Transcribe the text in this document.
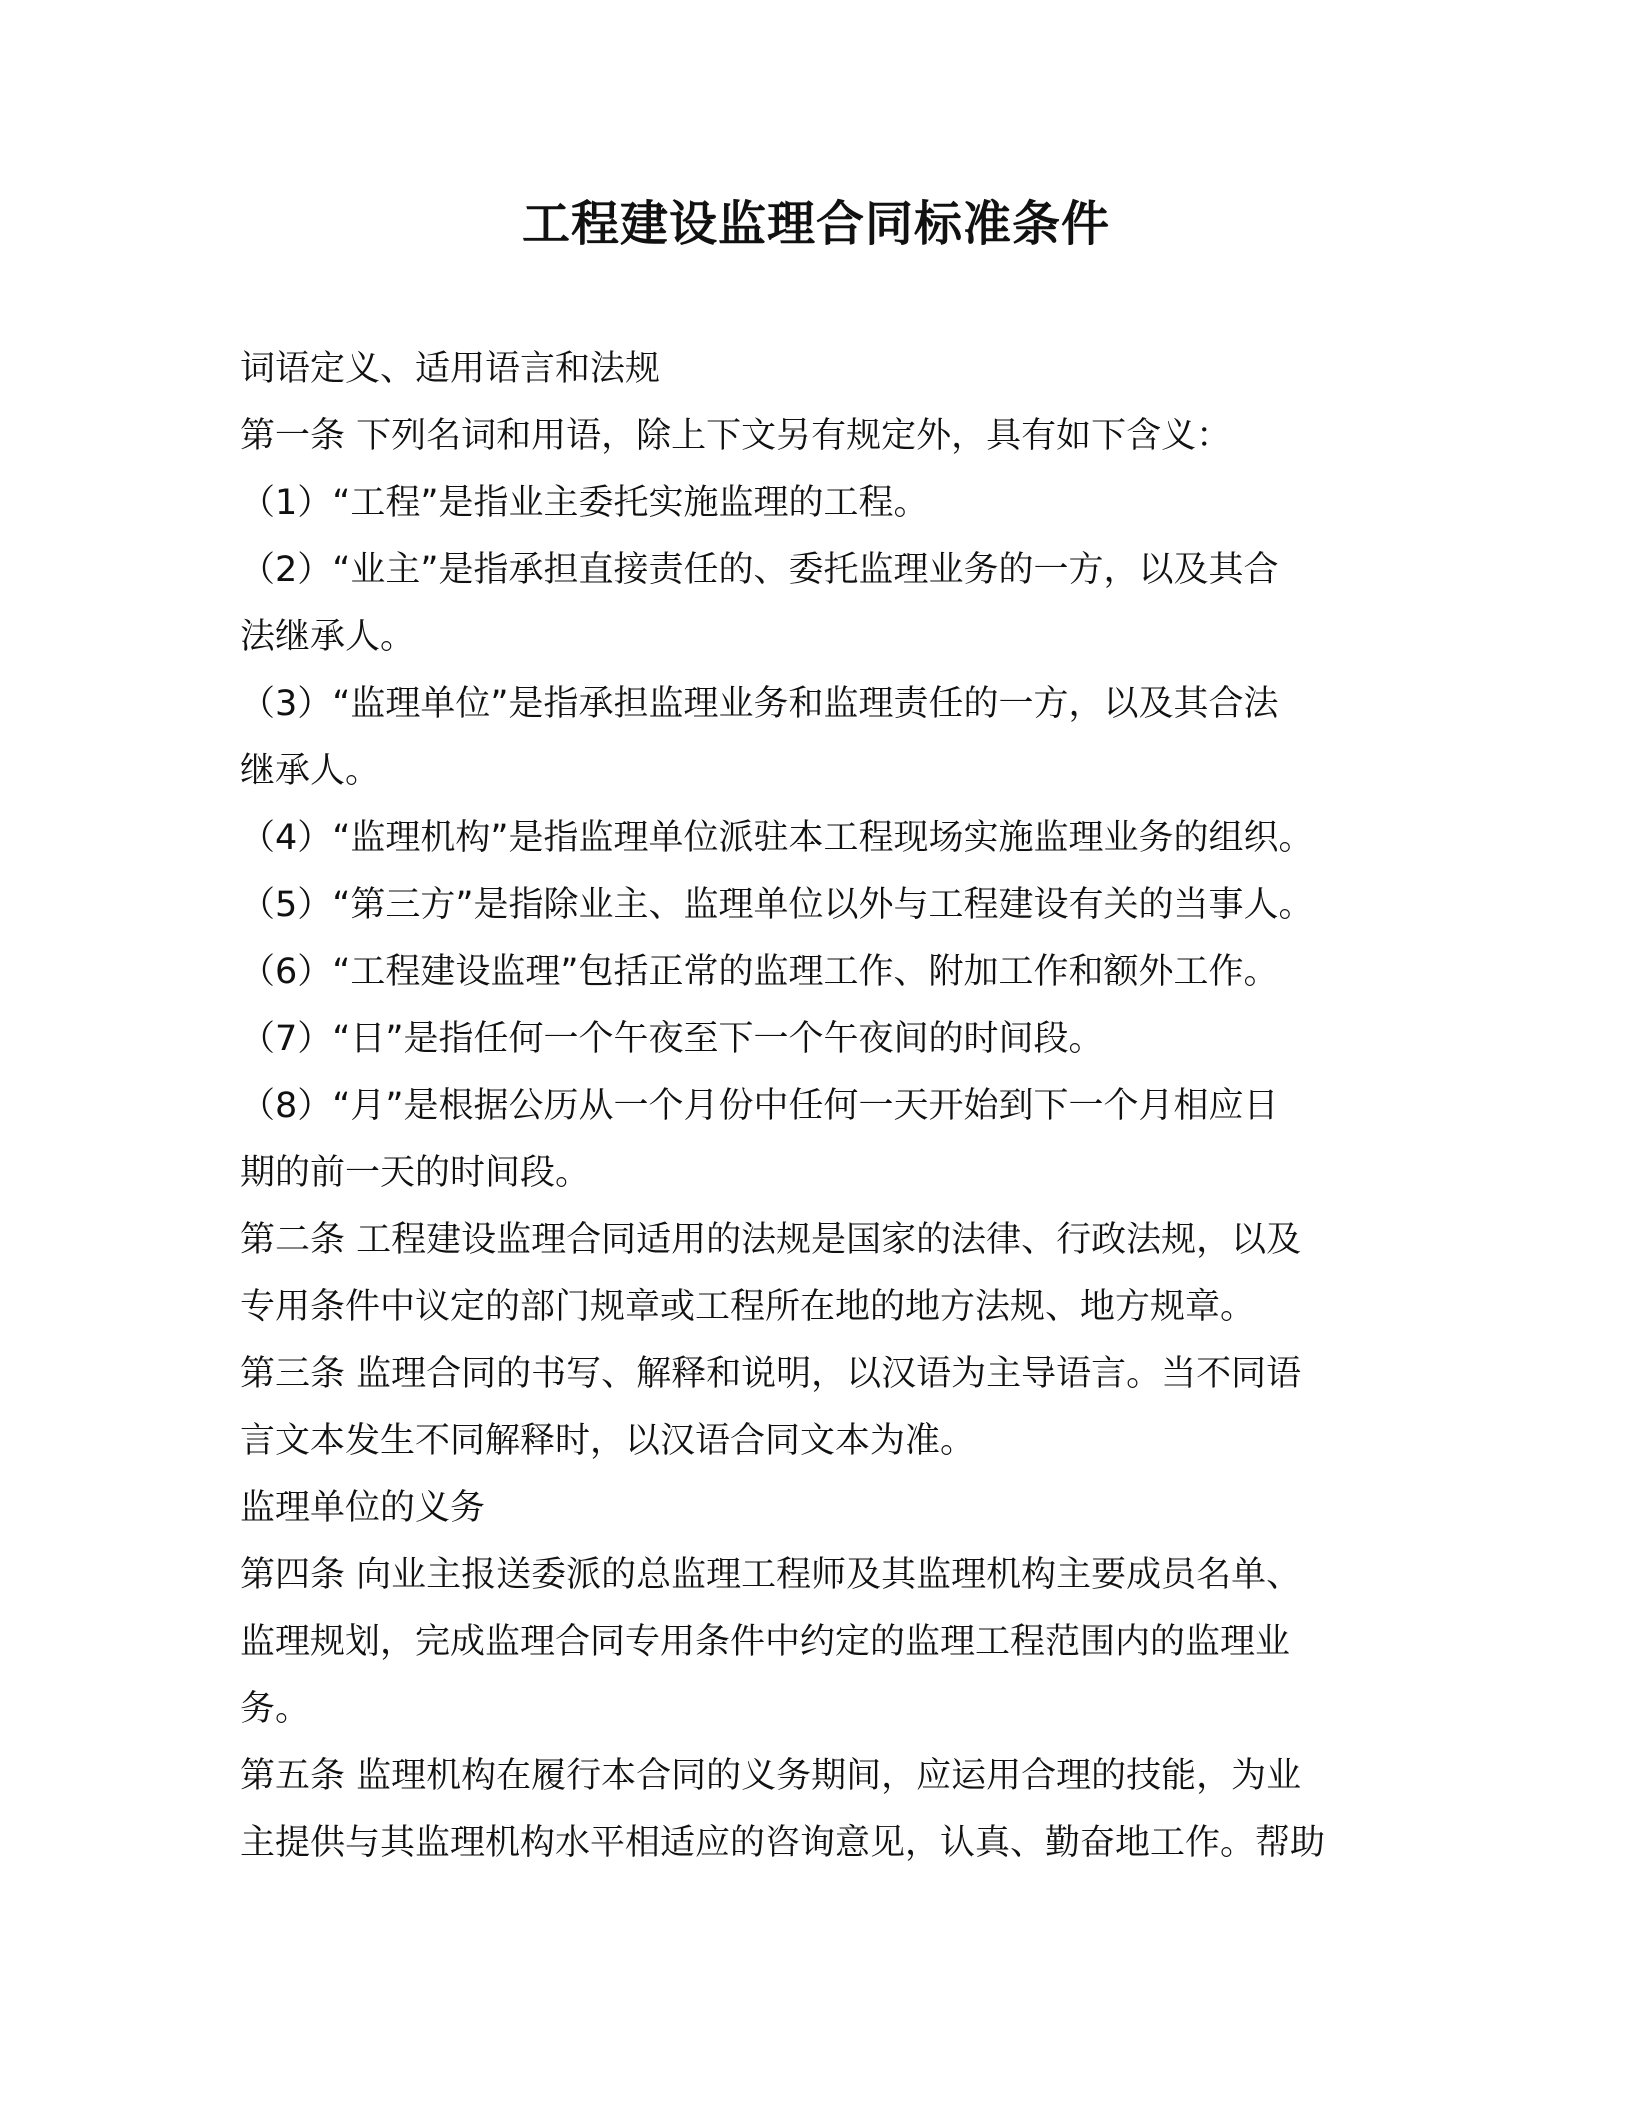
工程建设监理合同标准条件
词语定义、适用语言和法规
第一条 下列名词和用语，除上下文另有规定外，具有如下含义：
（1）“工程”是指业主委托实施监理的工程。
（2）“业主”是指承担直接责任的、委托监理业务的一方，以及其合
法继承人。
（3）“监理单位”是指承担监理业务和监理责任的一方，以及其合法
继承人。
（4）“监理机构”是指监理单位派驻本工程现场实施监理业务的组织。
（5）“第三方”是指除业主、监理单位以外与工程建设有关的当事人。
（6）“工程建设监理”包括正常的监理工作、附加工作和额外工作。
（7）“日”是指任何一个午夜至下一个午夜间的时间段。
（8）“月”是根据公历从一个月份中任何一天开始到下一个月相应日
期的前一天的时间段。
第二条 工程建设监理合同适用的法规是国家的法律、行政法规，以及
专用条件中议定的部门规章或工程所在地的地方法规、地方规章。
第三条 监理合同的书写、解释和说明，以汉语为主导语言。当不同语
言文本发生不同解释时，以汉语合同文本为准。
监理单位的义务
第四条 向业主报送委派的总监理工程师及其监理机构主要成员名单、
监理规划，完成监理合同专用条件中约定的监理工程范围内的监理业
务。
第五条 监理机构在履行本合同的义务期间，应运用合理的技能，为业
主提供与其监理机构水平相适应的咨询意见，认真、勤奋地工作。帮助
